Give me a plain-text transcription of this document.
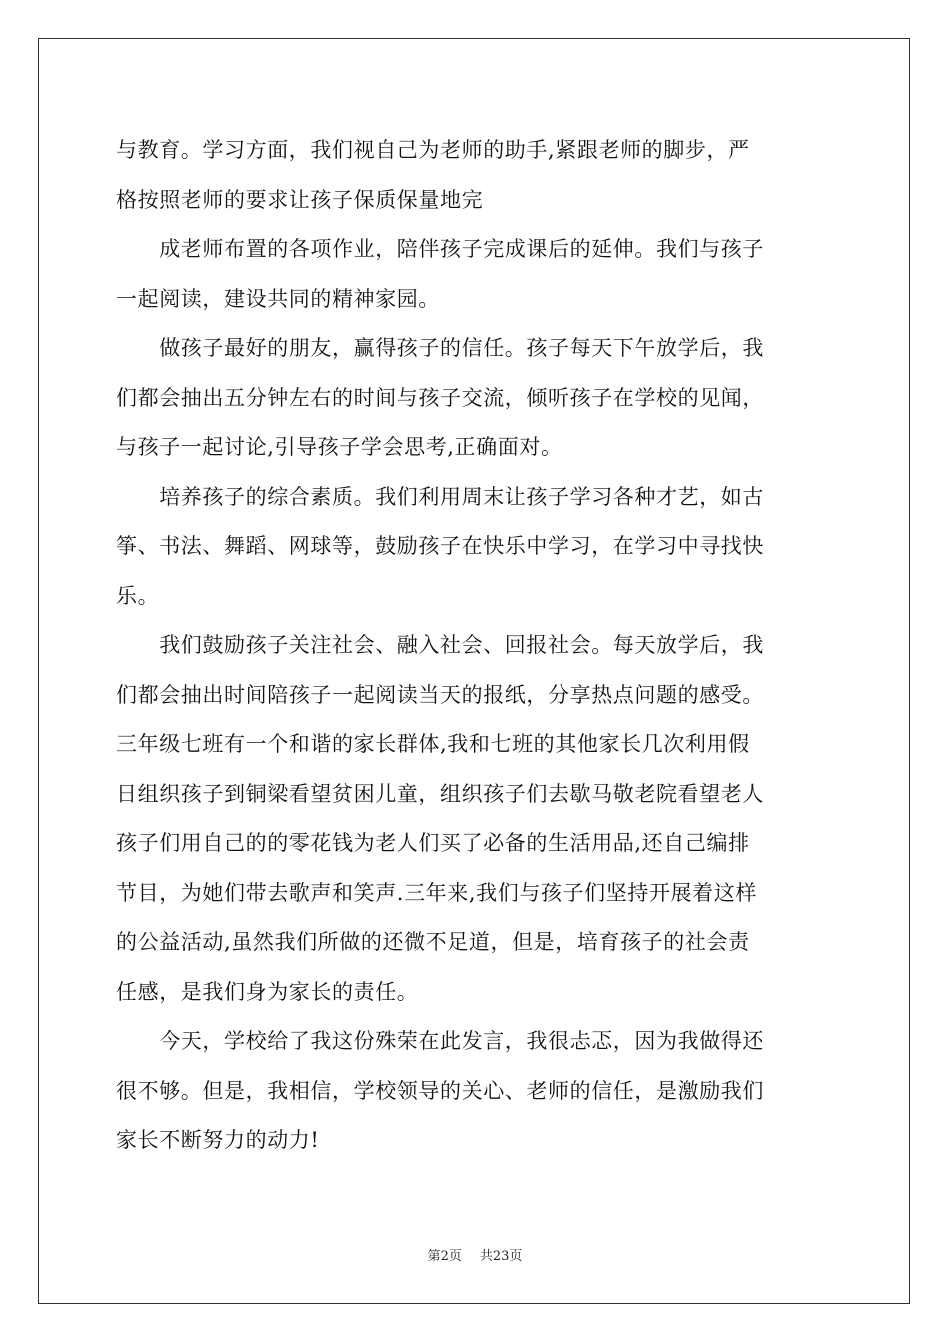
与教育。学习方面，我们视自己为老师的助手,紧跟老师的脚步，严
格按照老师的要求让孩子保质保量地完
　　成老师布置的各项作业，陪伴孩子完成课后的延伸。我们与孩子
一起阅读，建设共同的精神家园。
　　做孩子最好的朋友，赢得孩子的信任。孩子每天下午放学后，我
们都会抽出五分钟左右的时间与孩子交流，倾听孩子在学校的见闻，
与孩子一起讨论,引导孩子学会思考,正确面对。
　　培养孩子的综合素质。我们利用周末让孩子学习各种才艺，如古
筝、书法、舞蹈、网球等，鼓励孩子在快乐中学习，在学习中寻找快
乐。
　　我们鼓励孩子关注社会、融入社会、回报社会。每天放学后，我
们都会抽出时间陪孩子一起阅读当天的报纸，分享热点问题的感受。
三年级七班有一个和谐的家长群体,我和七班的其他家长几次利用假
日组织孩子到铜梁看望贫困儿童，组织孩子们去歇马敬老院看望老人
孩子们用自己的的零花钱为老人们买了必备的生活用品,还自己编排
节目，为她们带去歌声和笑声.三年来,我们与孩子们坚持开展着这样
的公益活动,虽然我们所做的还微不足道，但是，培育孩子的社会责
任感，是我们身为家长的责任。
　　今天，学校给了我这份殊荣在此发言，我很忐忑，因为我做得还
很不够。但是，我相信，学校领导的关心、老师的信任，是激励我们
家长不断努力的动力!
第2页 共23页
